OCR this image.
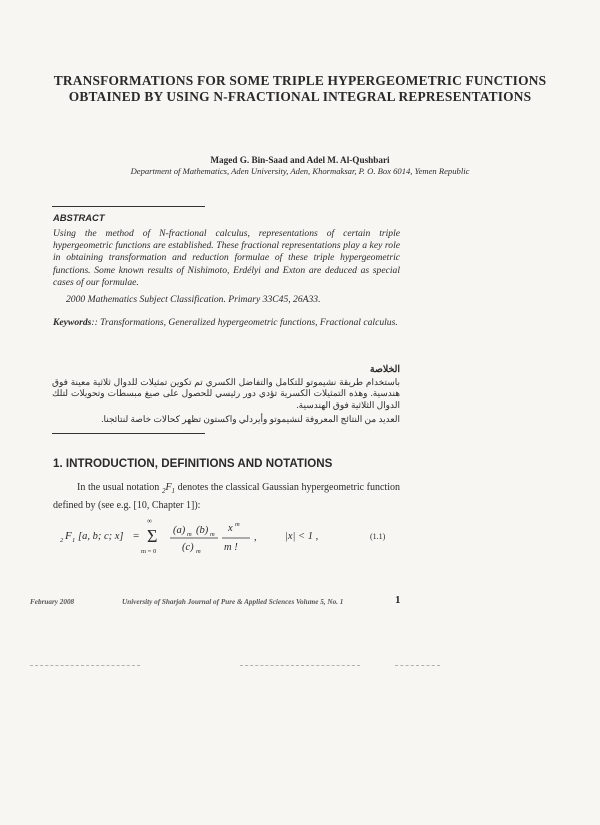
TRANSFORMATIONS FOR SOME TRIPLE HYPERGEOMETRIC FUNCTIONS OBTAINED BY USING N-FRACTIONAL INTEGRAL REPRESENTATIONS
Maged G. Bin-Saad and Adel M. Al-Qushbari
Department of Mathematics, Aden University, Aden, Khormaksar, P. O. Box 6014, Yemen Republic
ABSTRACT
Using the method of N-fractional calculus, representations of certain triple hypergeometric functions are established. These fractional representations play a key role in obtaining transformation and reduction formulae of these triple hypergeometric functions. Some known results of Nishimoto, Erdélyi and Exton are deduced as special cases of our formulae.
2000 Mathematics Subject Classification. Primary 33C45, 26A33.
Keywords:: Transformations, Generalized hypergeometric functions, Fractional calculus.
الخلاصة
باستخدام طريقة نشيموتو للتكامل والتفاضل الكسري تم تكوين تمثيلات للدوال ثلاثية معينة فوق هندسية. وهذه التمثيلات الكسرية تؤدي دور رئيسي للحصول على صيغ مبسطات وتحويلات لتلك الدوال الثلاثية فوق الهندسية.
العديد من النتائج المعروفة لنشيموتو وأيردلي واكستون تظهر كحالات خاصة لنتائجنا.
1. INTRODUCTION, DEFINITIONS AND NOTATIONS
In the usual notation $_2F_1$ denotes the classical Gaussian hypergeometric function defined by (see e.g. [10, Chapter 1]):
2 F 1 [a, b; c; x] =
∞
Σ
m = 0
(a) m (b) m
(c) m
x m
m !
,	|x| < 1 ,	(1.1)
February 2008	University of Sharjah Journal of Pure & Applied Sciences Volume 5, No. 1	1
